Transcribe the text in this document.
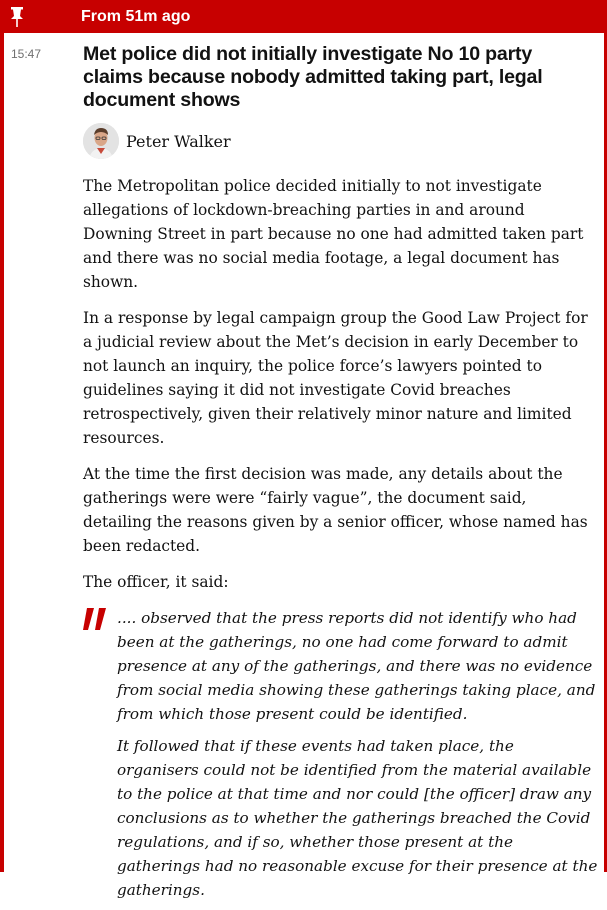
From 51m ago
15:47 Met police did not initially investigate No 10 party claims because nobody admitted taking part, legal document shows
Peter Walker

The Metropolitan police decided initially to not investigate allegations of lockdown-breaching parties in and around Downing Street in part because no one had admitted taken part and there was no social media footage, a legal document has shown.

In a response by legal campaign group the Good Law Project for a judicial review about the Met’s decision in early December to not launch an inquiry, the police force’s lawyers pointed to guidelines saying it did not investigate Covid breaches retrospectively, given their relatively minor nature and limited resources.

At the time the first decision was made, any details about the gatherings were were “fairly vague”, the document said, detailing the reasons given by a senior officer, whose named has been redacted.

The officer, it said:

.... observed that the press reports did not identify who had been at the gatherings, no one had come forward to admit presence at any of the gatherings, and there was no evidence from social media showing these gatherings taking place, and from which those present could be identified.

It followed that if these events had taken place, the organisers could not be identified from the material available to the police at that time and nor could [the officer] draw any conclusions as to whether the gatherings breached the Covid regulations, and if so, whether those present at the gatherings had no reasonable excuse for their presence at the gatherings.
